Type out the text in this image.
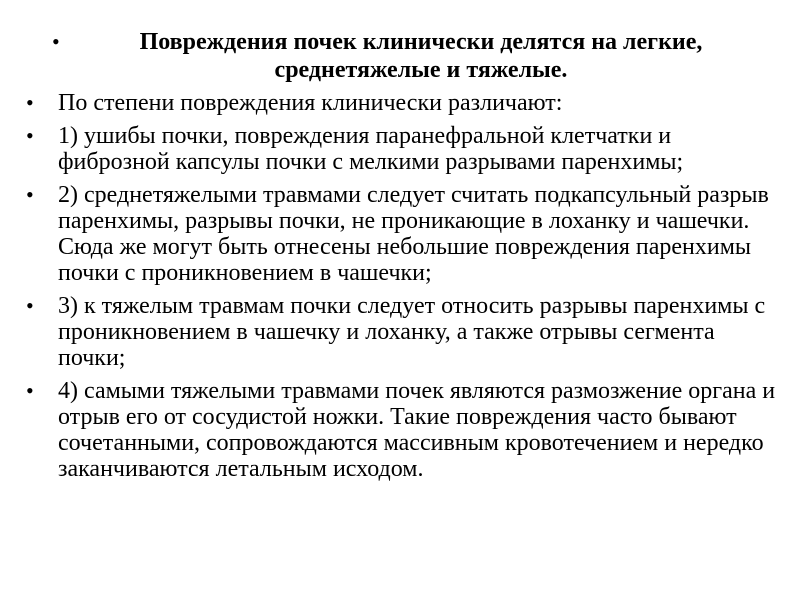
•	Повреждения почек клинически делятся на легкие, среднетяжелые и тяжелые.
•	По степени повреждения клинически различают:
•	1) ушибы почки, повреждения паранефральной клетчатки и фиброзной капсулы почки с мелкими разрывами паренхимы;
•	2) среднетяжелыми травмами следует считать подкапсульный разрыв паренхимы, разрывы почки, не проникающие в лоханку и чашечки. Сюда же могут быть отнесены небольшие повреждения паренхимы почки с проникновением в чашечки;
•	3) к тяжелым травмам почки следует относить разрывы паренхимы с проникновением в чашечку и лоханку, а также отрывы сегмента почки;
•	4) самыми тяжелыми травмами почек являются размозжение органа и отрыв его от сосудистой ножки. Такие повреждения часто бывают сочетанными, сопровождаются массивным кровотечением и нередко заканчиваются летальным исходом.
